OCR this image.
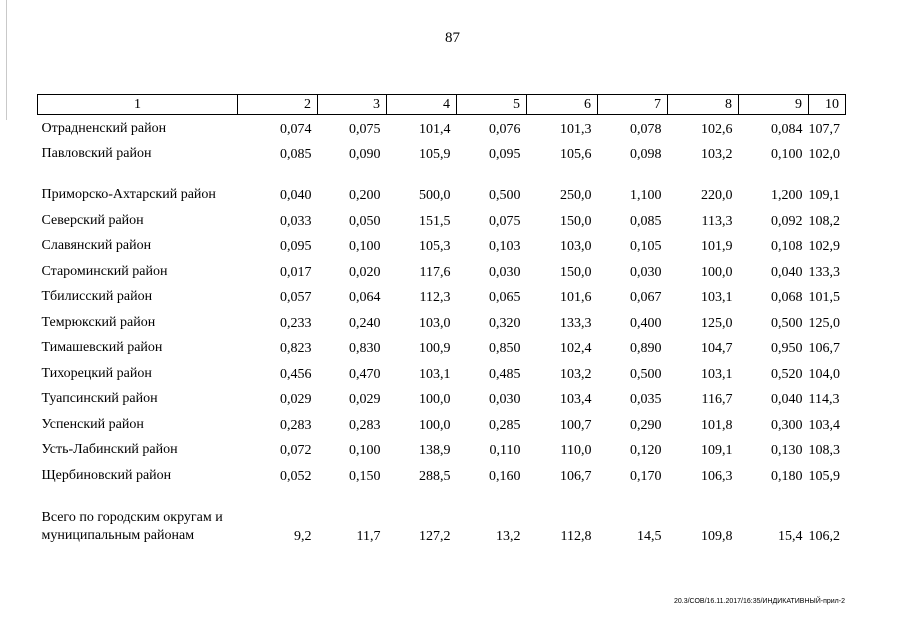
87
1	2	3	4	5	6	7	8	9	10
Отрадненский район	0,074	0,075	101,4	0,076	101,3	0,078	102,6	0,084	107,7
Павловский район	0,085	0,090	105,9	0,095	105,6	0,098	103,2	0,100	102,0
Приморско-Ахтарский район	0,040	0,200	500,0	0,500	250,0	1,100	220,0	1,200	109,1
Северский район	0,033	0,050	151,5	0,075	150,0	0,085	113,3	0,092	108,2
Славянский район	0,095	0,100	105,3	0,103	103,0	0,105	101,9	0,108	102,9
Староминский район	0,017	0,020	117,6	0,030	150,0	0,030	100,0	0,040	133,3
Тбилисский район	0,057	0,064	112,3	0,065	101,6	0,067	103,1	0,068	101,5
Темрюкский район	0,233	0,240	103,0	0,320	133,3	0,400	125,0	0,500	125,0
Тимашевский район	0,823	0,830	100,9	0,850	102,4	0,890	104,7	0,950	106,7
Тихорецкий район	0,456	0,470	103,1	0,485	103,2	0,500	103,1	0,520	104,0
Туапсинский район	0,029	0,029	100,0	0,030	103,4	0,035	116,7	0,040	114,3
Успенский район	0,283	0,283	100,0	0,285	100,7	0,290	101,8	0,300	103,4
Усть-Лабинский район	0,072	0,100	138,9	0,110	110,0	0,120	109,1	0,130	108,3
Щербиновский район	0,052	0,150	288,5	0,160	106,7	0,170	106,3	0,180	105,9
Всего по городским округам и муниципальным районам	9,2	11,7	127,2	13,2	112,8	14,5	109,8	15,4	106,2
20.3/СОВ/16.11.2017/16:35/ИНДИКАТИВНЫЙ-прил-2
